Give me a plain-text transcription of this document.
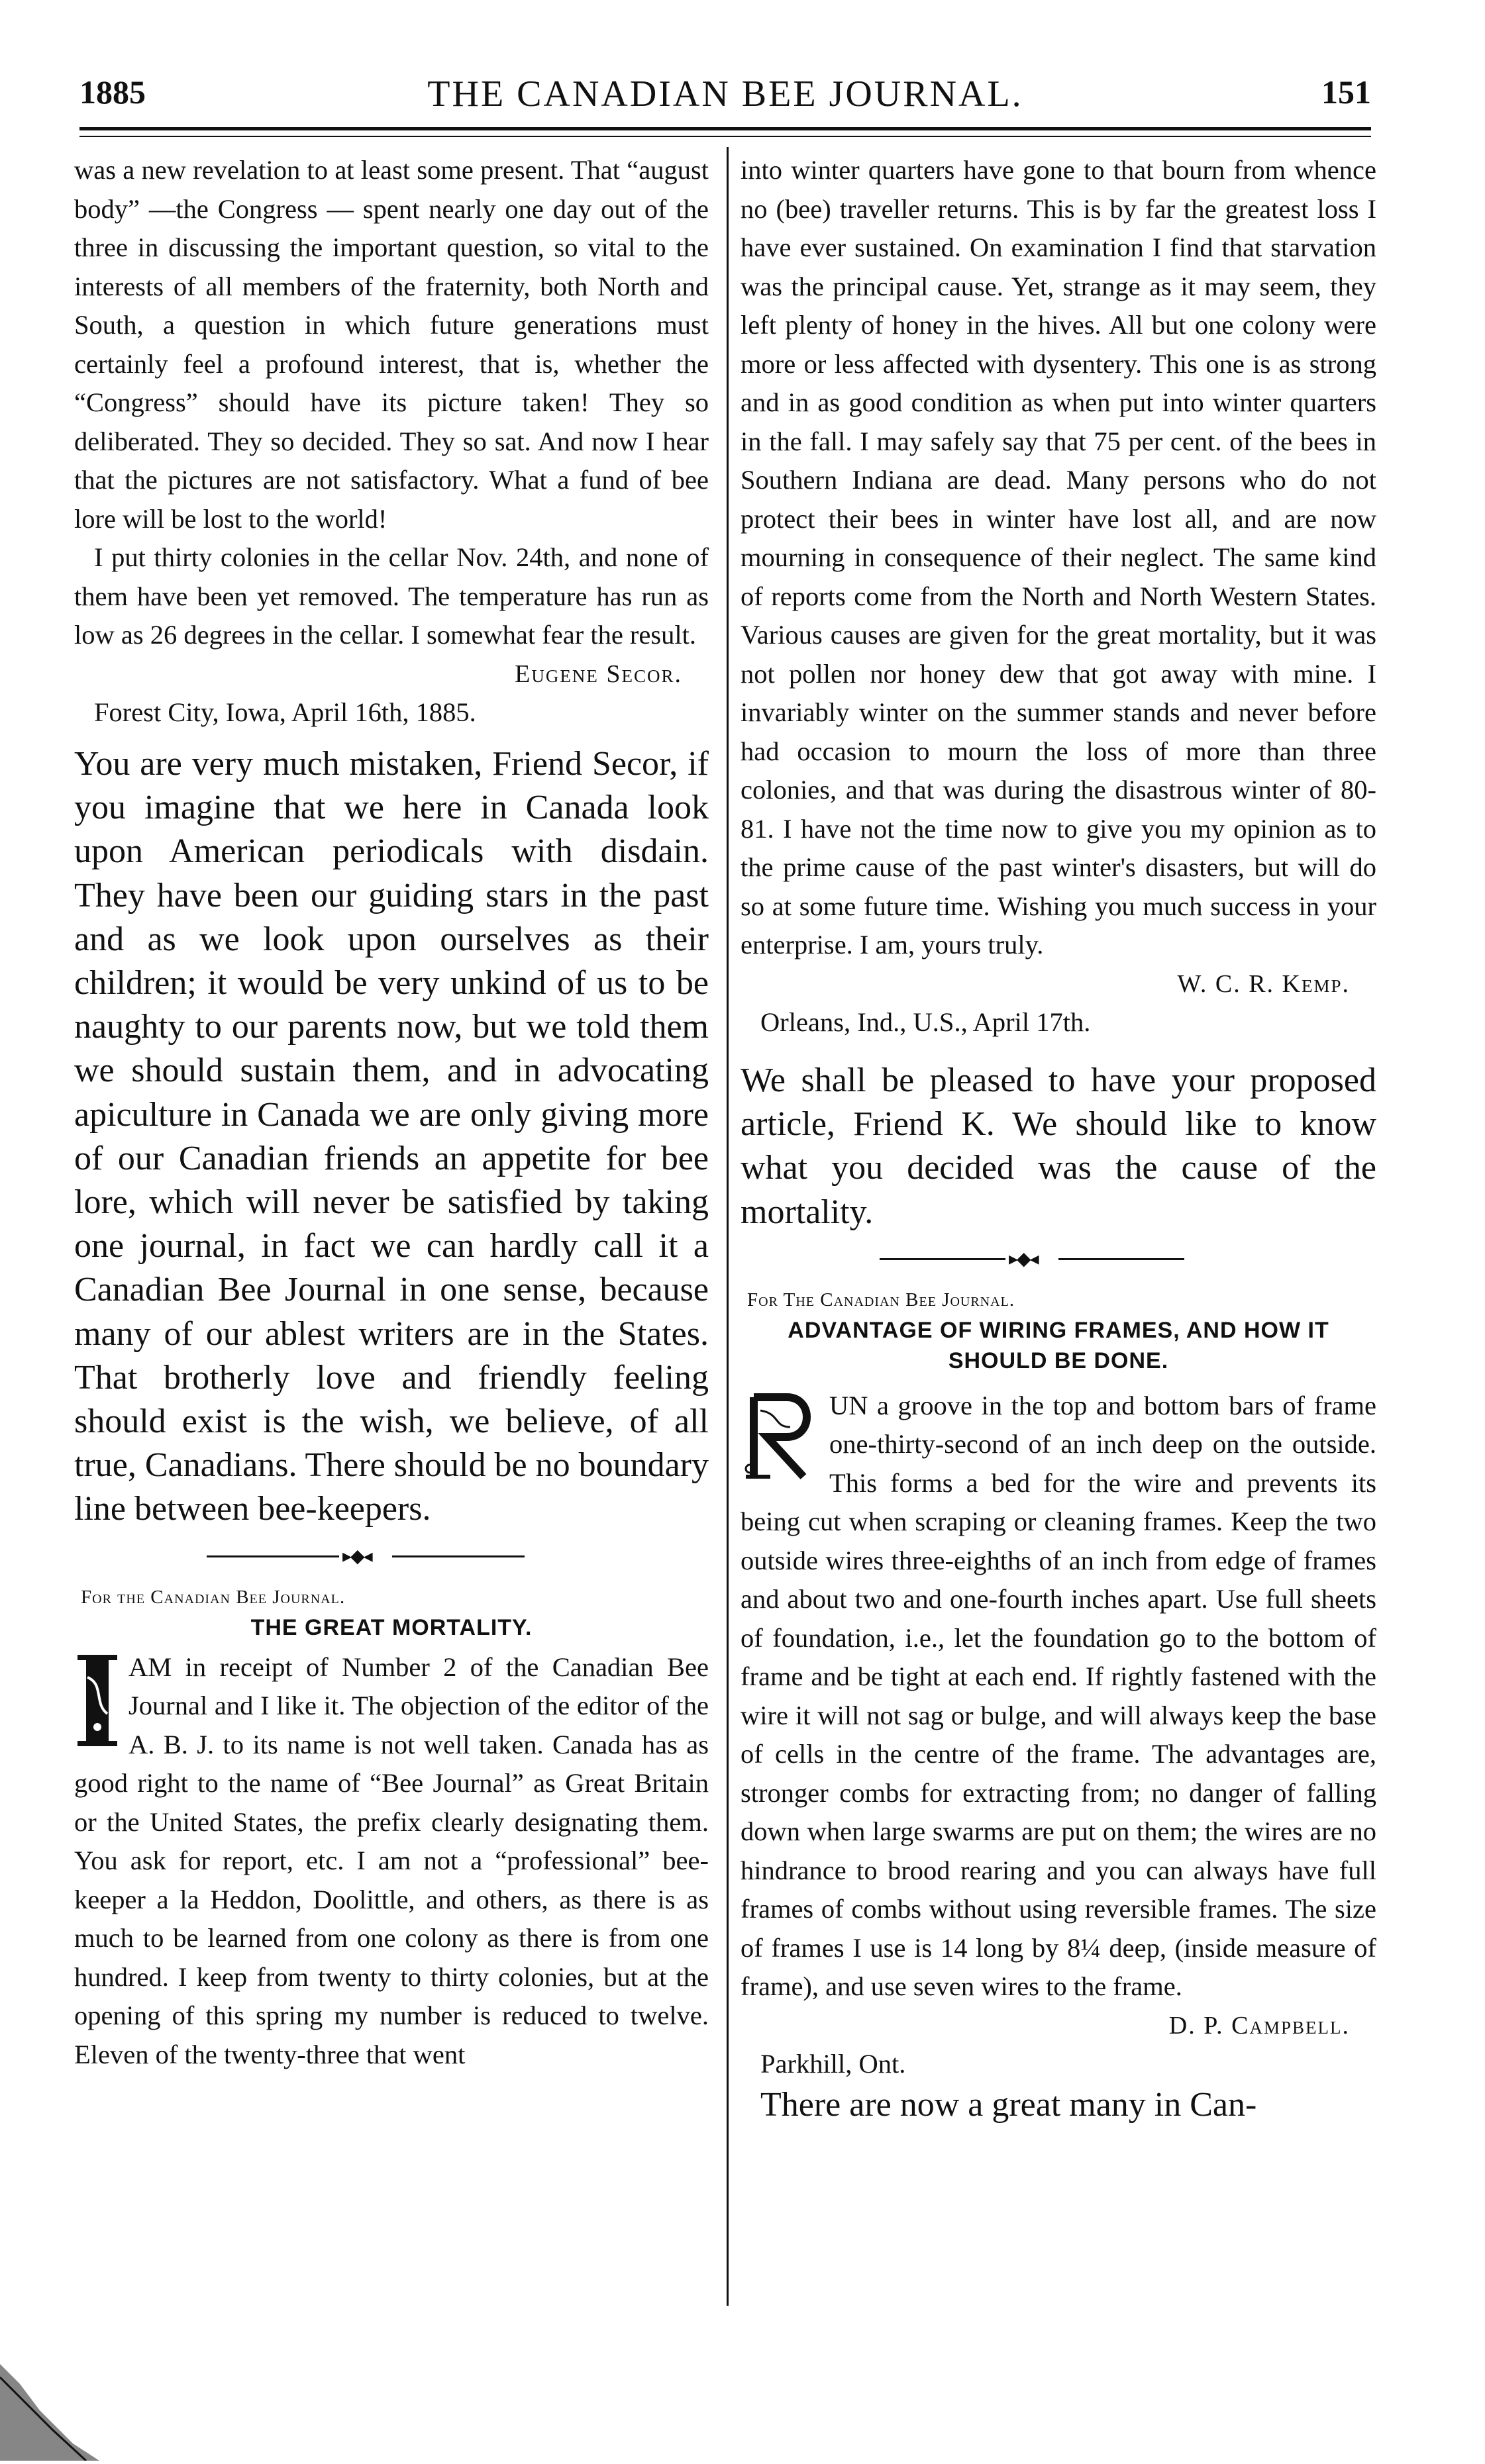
1885	THE CANADIAN BEE JOURNAL.	151

was a new revelation to at least some present. That “august body” —the Congress — spent nearly one day out of the three in discussing the important question, so vital to the interests of all members of the fraternity, both North and South, a question in which future generations must certainly feel a profound interest, that is, whether the “Congress” should have its picture taken! They so deliberated. They so decided. They so sat. And now I hear that the pictures are not satisfactory. What a fund of bee lore will be lost to the world!

I put thirty colonies in the cellar Nov. 24th, and none of them have been yet removed. The temperature has run as low as 26 degrees in the cellar. I somewhat fear the result.

Eugene Secor.

Forest City, Iowa, April 16th, 1885.

You are very much mistaken, Friend Secor, if you imagine that we here in Canada look upon American periodicals with disdain. They have been our guiding stars in the past and as we look upon ourselves as their children; it would be very unkind of us to be naughty to our parents now, but we told them we should sustain them, and in advocating apiculture in Canada we are only giving more of our Canadian friends an appetite for bee lore, which will never be satisfied by taking one journal, in fact we can hardly call it a Canadian Bee Journal in one sense, because many of our ablest writers are in the States. That brotherly love and friendly feeling should exist is the wish, we believe, of all true, Canadians. There should be no boundary line between bee-keepers.

▸◆◂

For the Canadian Bee Journal.

THE GREAT MORTALITY.

AM in receipt of Number 2 of the Canadian Bee Journal and I like it. The objection of the editor of the A. B. J. to its name is not well taken. Canada has as good right to the name of “Bee Journal” as Great Britain or the United States, the prefix clearly designating them. You ask for report, etc. I am not a “professional” bee-keeper a la Heddon, Doolittle, and others, as there is as much to be learned from one colony as there is from one hundred. I keep from twenty to thirty colonies, but at the opening of this spring my number is reduced to twelve. Eleven of the twenty-three that went

into winter quarters have gone to that bourn from whence no (bee) traveller returns. This is by far the greatest loss I have ever sustained. On examination I find that starvation was the principal cause. Yet, strange as it may seem, they left plenty of honey in the hives. All but one colony were more or less affected with dysentery. This one is as strong and in as good condition as when put into winter quarters in the fall. I may safely say that 75 per cent. of the bees in Southern Indiana are dead. Many persons who do not protect their bees in winter have lost all, and are now mourning in consequence of their neglect. The same kind of reports come from the North and North Western States. Various causes are given for the great mortality, but it was not pollen nor honey dew that got away with mine. I invariably winter on the summer stands and never before had occasion to mourn the loss of more than three colonies, and that was during the disastrous winter of 80-81. I have not the time now to give you my opinion as to the prime cause of the past winter's disasters, but will do so at some future time. Wishing you much success in your enterprise. I am, yours truly.

W. C. R. Kemp.

Orleans, Ind., U.S., April 17th.

We shall be pleased to have your proposed article, Friend K. We should like to know what you decided was the cause of the mortality.

▸◆◂

For The Canadian Bee Journal.

ADVANTAGE OF WIRING FRAMES, AND HOW IT SHOULD BE DONE.

UN a groove in the top and bottom bars of frame one-thirty-second of an inch deep on the outside. This forms a bed for the wire and prevents its being cut when scraping or cleaning frames. Keep the two outside wires three-eighths of an inch from edge of frames and about two and one-fourth inches apart. Use full sheets of foundation, i.e., let the foundation go to the bottom of frame and be tight at each end. If rightly fastened with the wire it will not sag or bulge, and will always keep the base of cells in the centre of the frame. The advantages are, stronger combs for extracting from; no danger of falling down when large swarms are put on them; the wires are no hindrance to brood rearing and you can always have full frames of combs without using reversible frames. The size of frames I use is 14 long by 8¼ deep, (inside measure of frame), and use seven wires to the frame.

D. P. Campbell.

Parkhill, Ont.

There are now a great many in Can-
